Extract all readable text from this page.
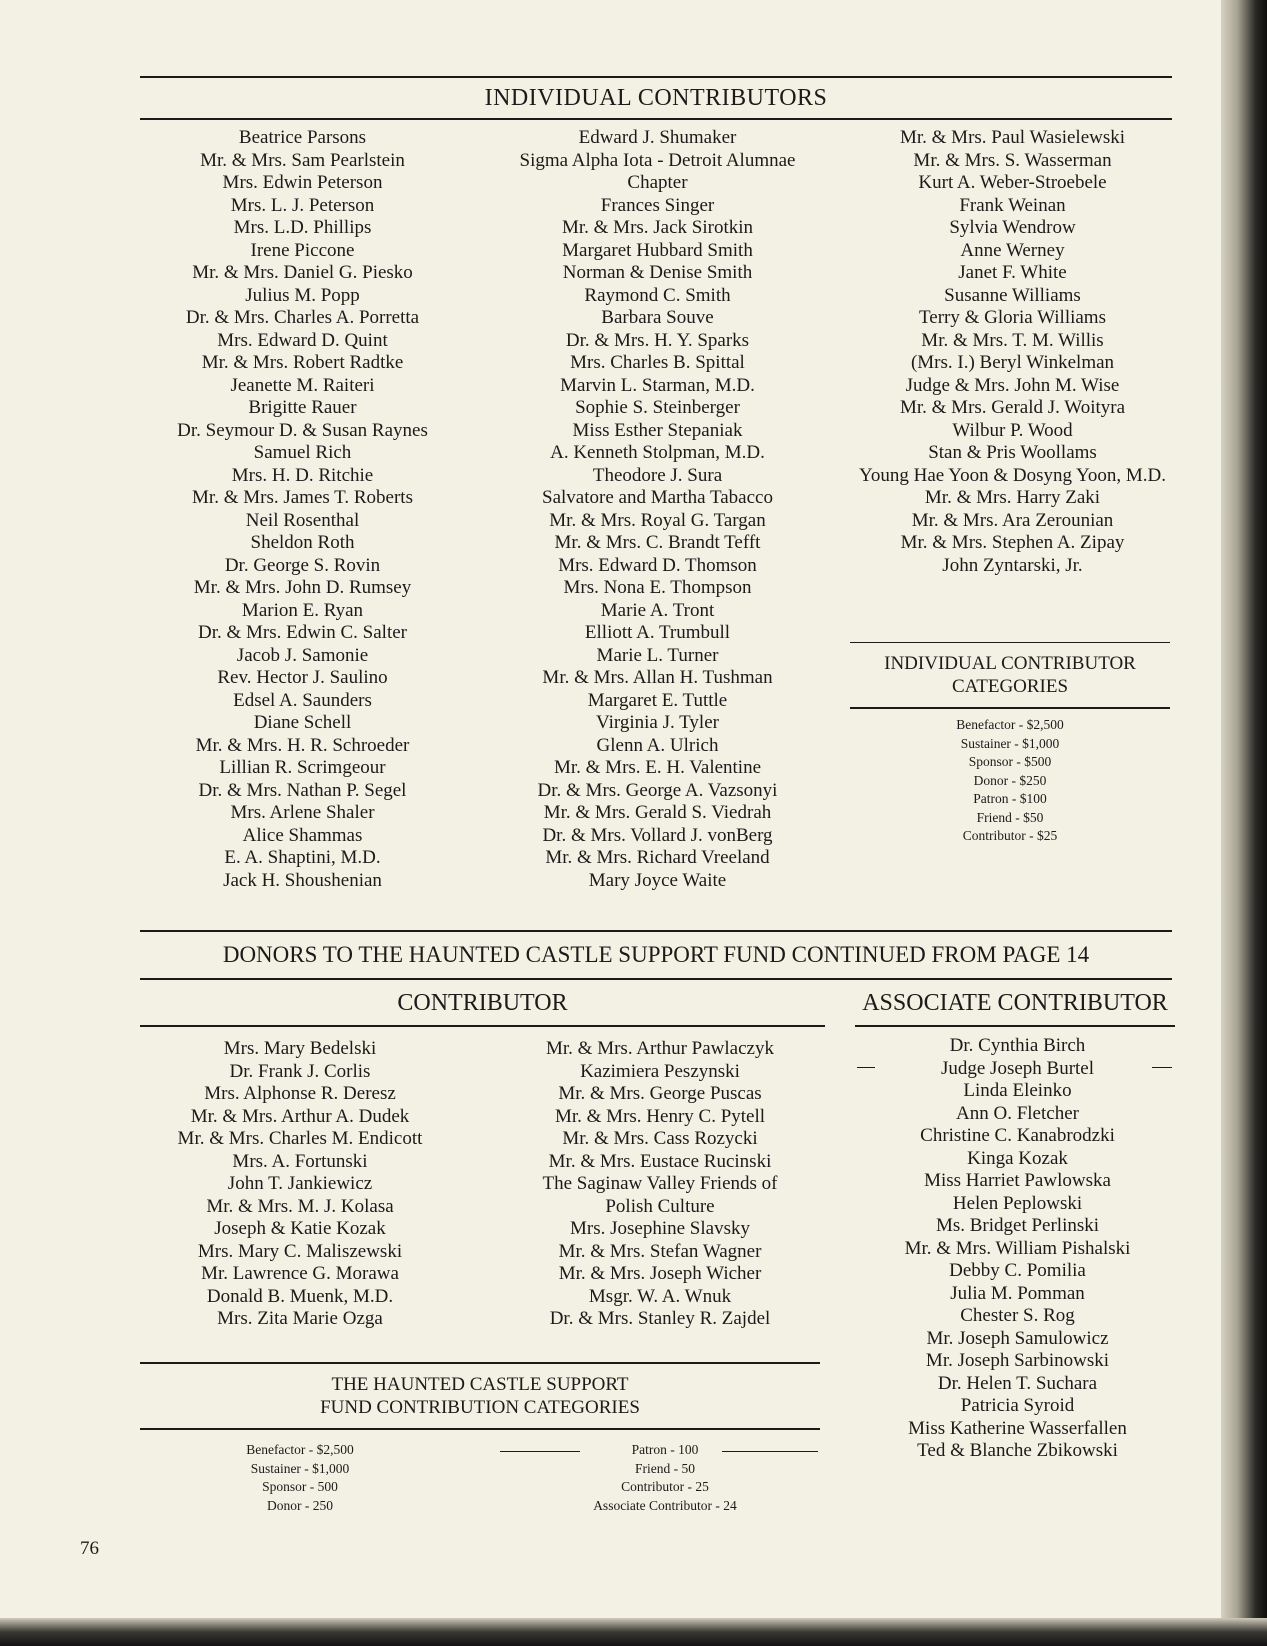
INDIVIDUAL CONTRIBUTORS
Beatrice Parsons
Mr. & Mrs. Sam Pearlstein
Mrs. Edwin Peterson
Mrs. L. J. Peterson
Mrs. L.D. Phillips
Irene Piccone
Mr. & Mrs. Daniel G. Piesko
Julius M. Popp
Dr. & Mrs. Charles A. Porretta
Mrs. Edward D. Quint
Mr. & Mrs. Robert Radtke
Jeanette M. Raiteri
Brigitte Rauer
Dr. Seymour D. & Susan Raynes
Samuel Rich
Mrs. H. D. Ritchie
Mr. & Mrs. James T. Roberts
Neil Rosenthal
Sheldon Roth
Dr. George S. Rovin
Mr. & Mrs. John D. Rumsey
Marion E. Ryan
Dr. & Mrs. Edwin C. Salter
Jacob J. Samonie
Rev. Hector J. Saulino
Edsel A. Saunders
Diane Schell
Mr. & Mrs. H. R. Schroeder
Lillian R. Scrimgeour
Dr. & Mrs. Nathan P. Segel
Mrs. Arlene Shaler
Alice Shammas
E. A. Shaptini, M.D.
Jack H. Shoushenian
Edward J. Shumaker
Sigma Alpha Iota - Detroit Alumnae Chapter
Frances Singer
Mr. & Mrs. Jack Sirotkin
Margaret Hubbard Smith
Norman & Denise Smith
Raymond C. Smith
Barbara Souve
Dr. & Mrs. H. Y. Sparks
Mrs. Charles B. Spittal
Marvin L. Starman, M.D.
Sophie S. Steinberger
Miss Esther Stepaniak
A. Kenneth Stolpman, M.D.
Theodore J. Sura
Salvatore and Martha Tabacco
Mr. & Mrs. Royal G. Targan
Mr. & Mrs. C. Brandt Tefft
Mrs. Edward D. Thomson
Mrs. Nona E. Thompson
Marie A. Tront
Elliott A. Trumbull
Marie L. Turner
Mr. & Mrs. Allan H. Tushman
Margaret E. Tuttle
Virginia J. Tyler
Glenn A. Ulrich
Mr. & Mrs. E. H. Valentine
Dr. & Mrs. George A. Vazsonyi
Mr. & Mrs. Gerald S. Viedrah
Dr. & Mrs. Vollard J. vonBerg
Mr. & Mrs. Richard Vreeland
Mary Joyce Waite
Mr. & Mrs. Paul Wasielewski
Mr. & Mrs. S. Wasserman
Kurt A. Weber-Stroebele
Frank Weinan
Sylvia Wendrow
Anne Werney
Janet F. White
Susanne Williams
Terry & Gloria Williams
Mr. & Mrs. T. M. Willis
(Mrs. I.) Beryl Winkelman
Judge & Mrs. John M. Wise
Mr. & Mrs. Gerald J. Woityra
Wilbur P. Wood
Stan & Pris Woollams
Young Hae Yoon & Dosyng Yoon, M.D.
Mr. & Mrs. Harry Zaki
Mr. & Mrs. Ara Zerounian
Mr. & Mrs. Stephen A. Zipay
John Zyntarski, Jr.
INDIVIDUAL CONTRIBUTOR
CATEGORIES
Benefactor - $2,500
Sustainer - $1,000
Sponsor - $500
Donor - $250
Patron - $100
Friend - $50
Contributor - $25
DONORS TO THE HAUNTED CASTLE SUPPORT FUND CONTINUED FROM PAGE 14
CONTRIBUTOR	ASSOCIATE CONTRIBUTOR
Mrs. Mary Bedelski
Dr. Frank J. Corlis
Mrs. Alphonse R. Deresz
Mr. & Mrs. Arthur A. Dudek
Mr. & Mrs. Charles M. Endicott
Mrs. A. Fortunski
John T. Jankiewicz
Mr. & Mrs. M. J. Kolasa
Joseph & Katie Kozak
Mrs. Mary C. Maliszewski
Mr. Lawrence G. Morawa
Donald B. Muenk, M.D.
Mrs. Zita Marie Ozga
Mr. & Mrs. Arthur Pawlaczyk
Kazimiera Peszynski
Mr. & Mrs. George Puscas
Mr. & Mrs. Henry C. Pytell
Mr. & Mrs. Cass Rozycki
Mr. & Mrs. Eustace Rucinski
The Saginaw Valley Friends of Polish Culture
Mrs. Josephine Slavsky
Mr. & Mrs. Stefan Wagner
Mr. & Mrs. Joseph Wicher
Msgr. W. A. Wnuk
Dr. & Mrs. Stanley R. Zajdel
Dr. Cynthia Birch
Judge Joseph Burtel
Linda Eleinko
Ann O. Fletcher
Christine C. Kanabrodzki
Kinga Kozak
Miss Harriet Pawlowska
Helen Peplowski
Ms. Bridget Perlinski
Mr. & Mrs. William Pishalski
Debby C. Pomilia
Julia M. Pomman
Chester S. Rog
Mr. Joseph Samulowicz
Mr. Joseph Sarbinowski
Dr. Helen T. Suchara
Patricia Syroid
Miss Katherine Wasserfallen
Ted & Blanche Zbikowski
THE HAUNTED CASTLE SUPPORT
FUND CONTRIBUTION CATEGORIES
Benefactor - $2,500
Sustainer - $1,000
Sponsor - 500
Donor - 250
Patron - 100
Friend - 50
Contributor - 25
Associate Contributor - 24
76
